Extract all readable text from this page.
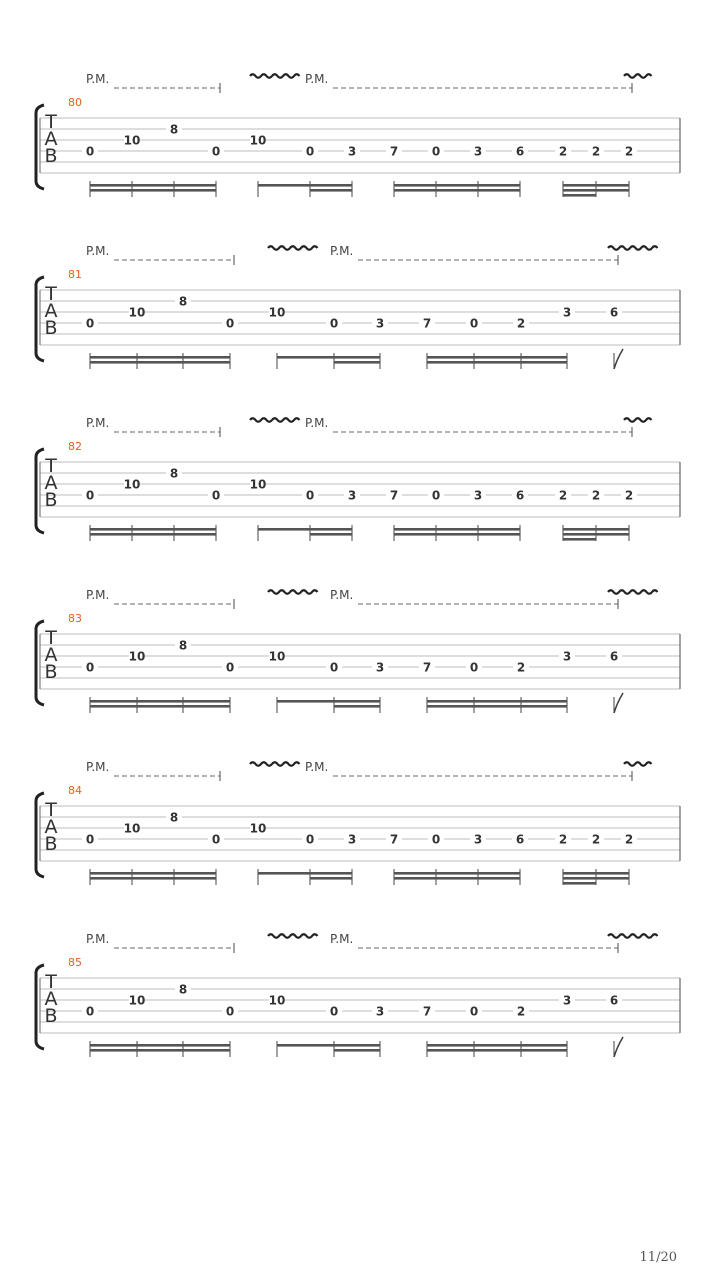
P.M.	P.M.
80
T
A
B 0
10
8
0
10
0	3	7	0	3	6	2 2 2
P.M.	P.M.
81
T
A
B 0
10
8
0
10
0	3	7	0	2
3	6
P.M.	P.M.
82
T
A
B 0
10
8
0
10
0	3	7	0	3	6	2 2 2
P.M.	P.M.
83
T
A
B 0
10
8
0
10
0	3	7	0	2
3	6
P.M.	P.M.
84
T
A
B 0
10
8
0
10
0	3	7	0	3	6	2 2 2
P.M.	P.M.
85
T
A
B 0
10
8
0
10
0	3	7	0	2
3	6
11/20
